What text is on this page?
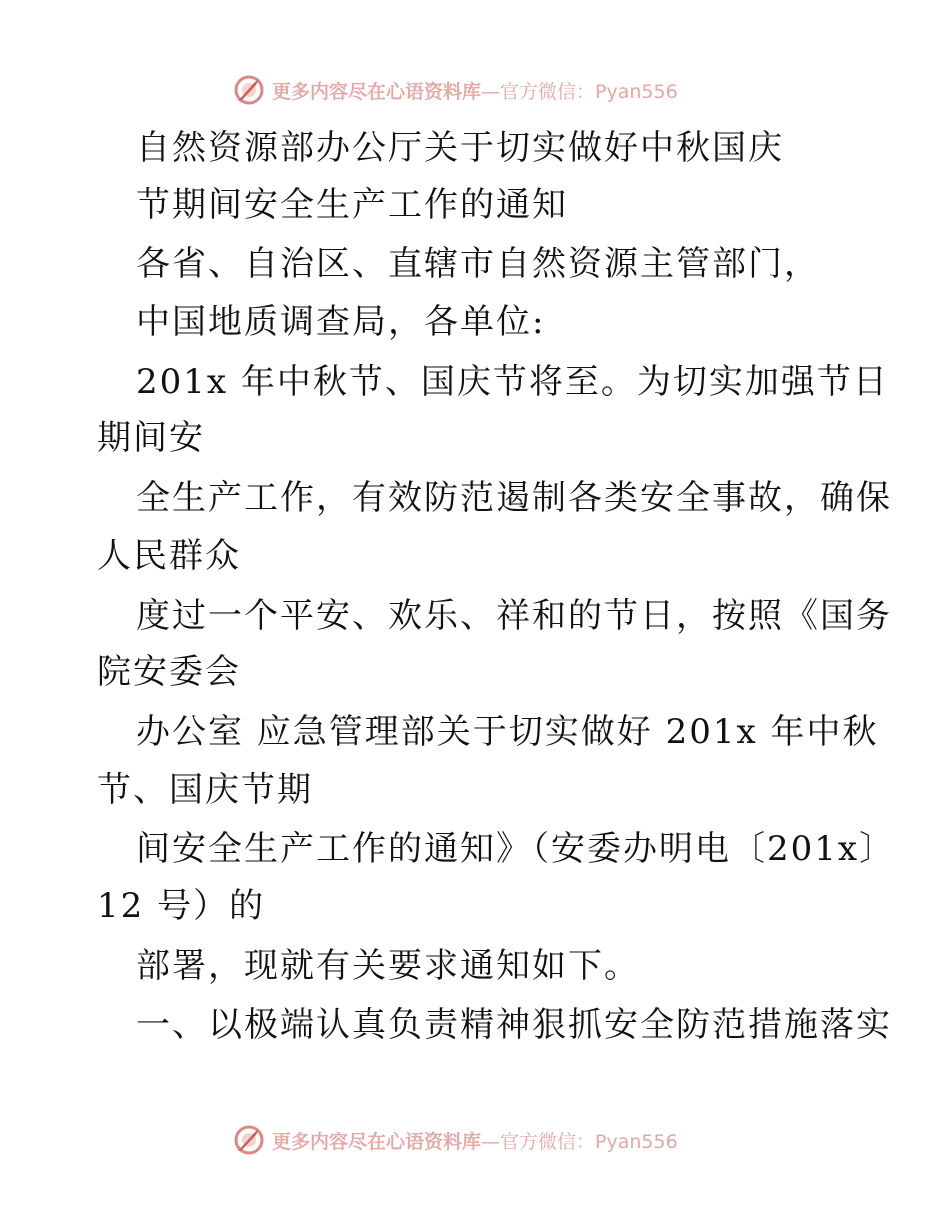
更多内容尽在心语资料库 —官方微信：Pyan556
自然资源部办公厅关于切实做好中秋国庆
节期间安全生产工作的通知
各省、自治区、直辖市自然资源主管部门，
中国地质调查局，各单位:
201x 年中秋节、国庆节将至。为切实加强节日
期间安
全生产工作，有效防范遏制各类安全事故，确保
人民群众
度过一个平安、欢乐、祥和的节日，按照《国务
院安委会
办公室 应急管理部关于切实做好 201x 年中秋
节、国庆节期
间安全生产工作的通知》（安委办明电〔201x〕
12 号）的
部署，现就有关要求通知如下。
一、以极端认真负责精神狠抓安全防范措施落实
更多内容尽在心语资料库 —官方微信：Pyan556
